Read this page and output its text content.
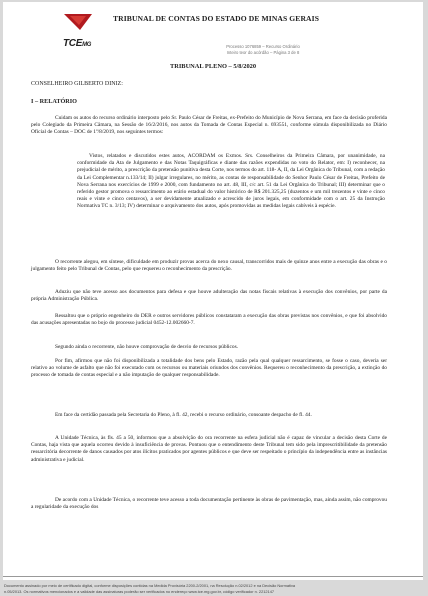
TCEMG
TRIBUNAL DE CONTAS DO ESTADO DE MINAS GERAIS
Processo 1076859 – Recurso Ordinário
Inteiro teor do acórdão – Página 3 de 8
TRIBUNAL PLENO – 5/8/2020
CONSELHEIRO GILBERTO DINIZ:
I – RELATÓRIO

Cuidam os autos do recurso ordinário interposto pelo Sr. Paulo César de Freitas, ex-Prefeito do Município de Nova Serrana, em face da decisão proferida pelo Colegiado da Primeira Câmara, na Sessão de 16/2/2016, nos autos da Tomada de Contas Especial n. 693551, conforme súmula disponibilizada no Diário Oficial de Contas – DOC de 1º/8/2019, nos seguintes termos:

Vistos, relatados e discutidos estes autos, ACORDAM os Exmos. Srs. Conselheiros da Primeira Câmara, por unanimidade, na conformidade da Ata de Julgamento e das Notas Taquigráficas e diante das razões expendidas no voto do Relator, em: I) reconhecer, na prejudicial de mérito, a prescrição da pretensão punitiva desta Corte, nos termos do art. 118- A, II, da Lei Orgânica do Tribunal, com a redação da Lei Complementar n.133/14; II) julgar irregulares, no mérito, as contas de responsabilidade do Senhor Paulo César de Freitas, Prefeito de Nova Serrana nos exercícios de 1999 e 2000, com fundamento no art. 48, III, c/c art. 51 da Lei Orgânica do Tribunal; III) determinar que o referido gestor promova o ressarcimento ao erário estadual do valor histórico de R$ 201.325,25 (duzentos e um mil trezentos e vinte e cinco reais e vinte e cinco centavos), a ser devidamente atualizado e acrescido de juros legais, em conformidade com o art. 25 da Instrução Normativa TC n. 3/13; IV) determinar o arquivamento dos autos, após promovidas as medidas legais cabíveis à espécie.

O recorrente alegou, em síntese, dificuldade em produzir provas acerca do nexo causal, transcorridos mais de quinze anos entre a execução das obras e o julgamento feito pelo Tribunal de Contas, pelo que requereu o reconhecimento da prescrição.

Aduziu que não teve acesso aos documentos para defesa e que houve adulteração das notas fiscais relativas à execução dos convênios, por parte da própria Administração Pública.

Ressaltou que o próprio engenheiro do DER e outros servidores públicos constataram a execução das obras previstas nos convênios, e que foi absolvido das acusações apresentadas no bojo do processo judicial 0452-12.002660-7.

Segundo ainda o recorrente, não houve comprovação de desvio de recursos públicos.

Por fim, afirmou que não foi disponibilizada a totalidade dos bens pelo Estado, razão pela qual qualquer ressarcimento, se fosse o caso, deveria ser relativo ao volume de asfalto que não foi executado com os recursos ou materiais oriundos dos convênios. Requereu o reconhecimento da prescrição, a extinção do processo de tomada de contas especial e a não imputação de qualquer responsabilidade.

Em face da certidão passada pela Secretaria do Pleno, à fl. 42, recebi o recurso ordinário, consoante despacho de fl. 44.

A Unidade Técnica, às fls. 45 a 50, informou que a absolvição do ora recorrente na esfera judicial não é capaz de vincular a decisão desta Corte de Contas, haja vista que aquela ocorreu devido à insuficiência de provas. Pontuou que o entendimento deste Tribunal tem sido pela imprescritibilidade da pretensão ressarcitória decorrente de danos causados por atos ilícitos praticados por agentes públicos e que deve ser respeitado o princípio da independência entre as instâncias administrativa e judicial.

De acordo com a Unidade Técnica, o recorrente teve acesso a toda documentação pertinente às obras de pavimentação, mas, ainda assim, não comprovou a regularidade da execução dos

Documento assinado por meio de certificado digital, conforme disposições contidas na Medida Provisória 2200-2/2001, na Resolução n.02/2012 e na Decisão Normativa
n.05/2013. Os normativos mencionados e a validade das assinaturas poderão ser verificados no endereço www.tce.mg.gov.br, código verificador n. 2212147
